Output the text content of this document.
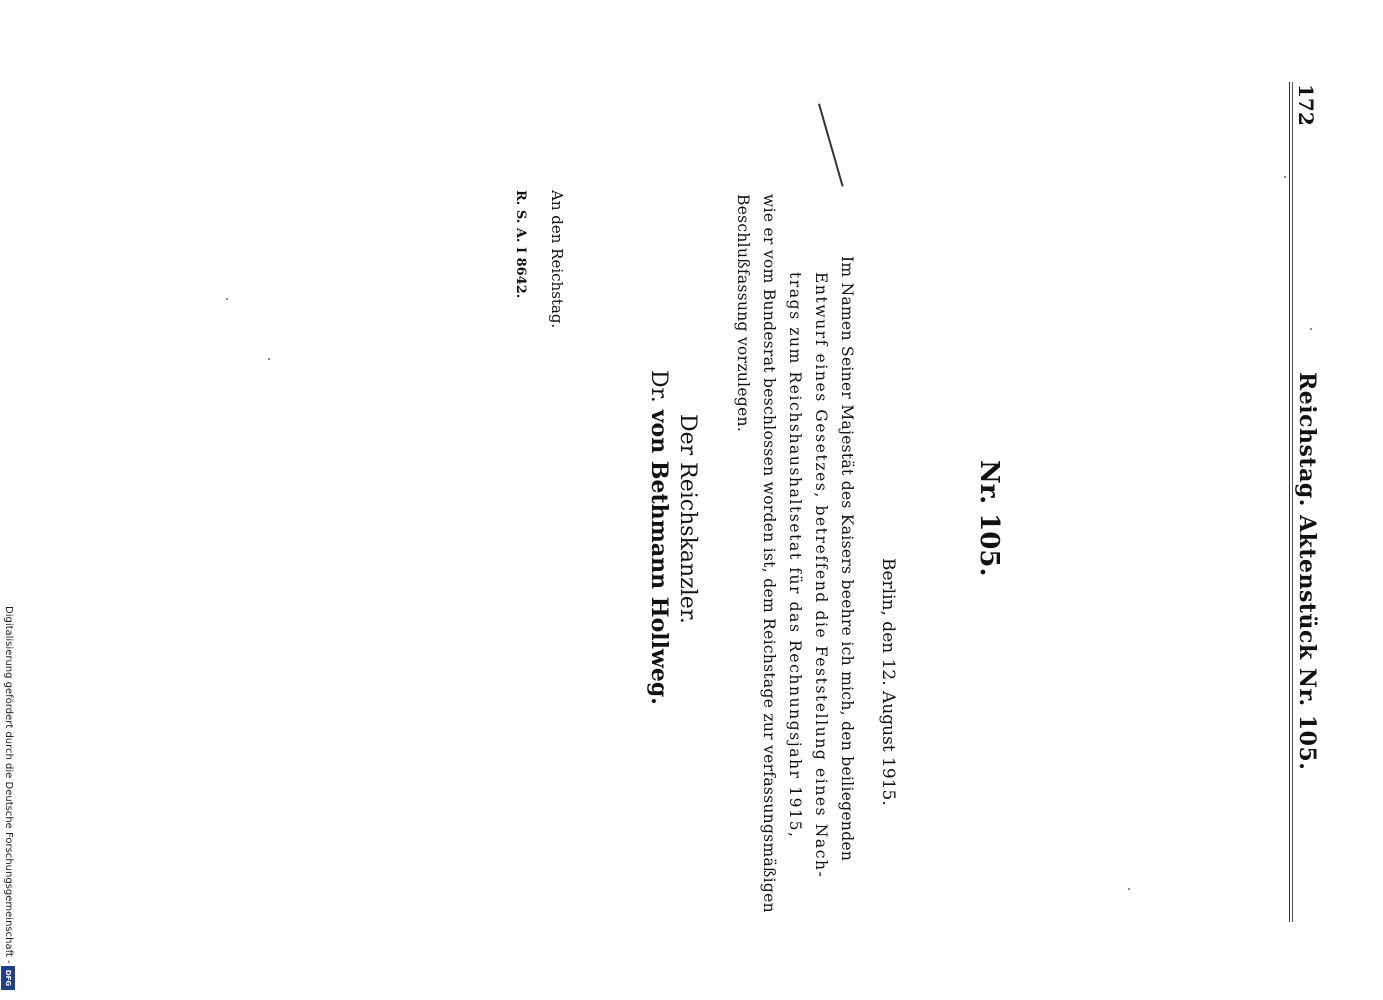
172
Reichstag. Aktenstück Nr. 105.
Nr. 105.
Berlin, den 12. August 1915.
Im Namen Seiner Majestät des Kaisers beehre ich mich, den beiliegenden
Entwurf eines Gesetzes, betreffend die Feststellung eines Nach-
trags zum Reichshaushaltsetat für das Rechnungsjahr 1915,
wie er vom Bundesrat beschlossen worden ist, dem Reichstage zur verfassungsmäßigen
Beschlußfassung vorzulegen.
Der Reichskanzler.
Dr. von Bethmann Hollweg.
An den Reichstag.
R. S. A. I 8642.
Digitalisierung gefördert durch die Deutsche Forschungsgemeinschaft -
DFG
